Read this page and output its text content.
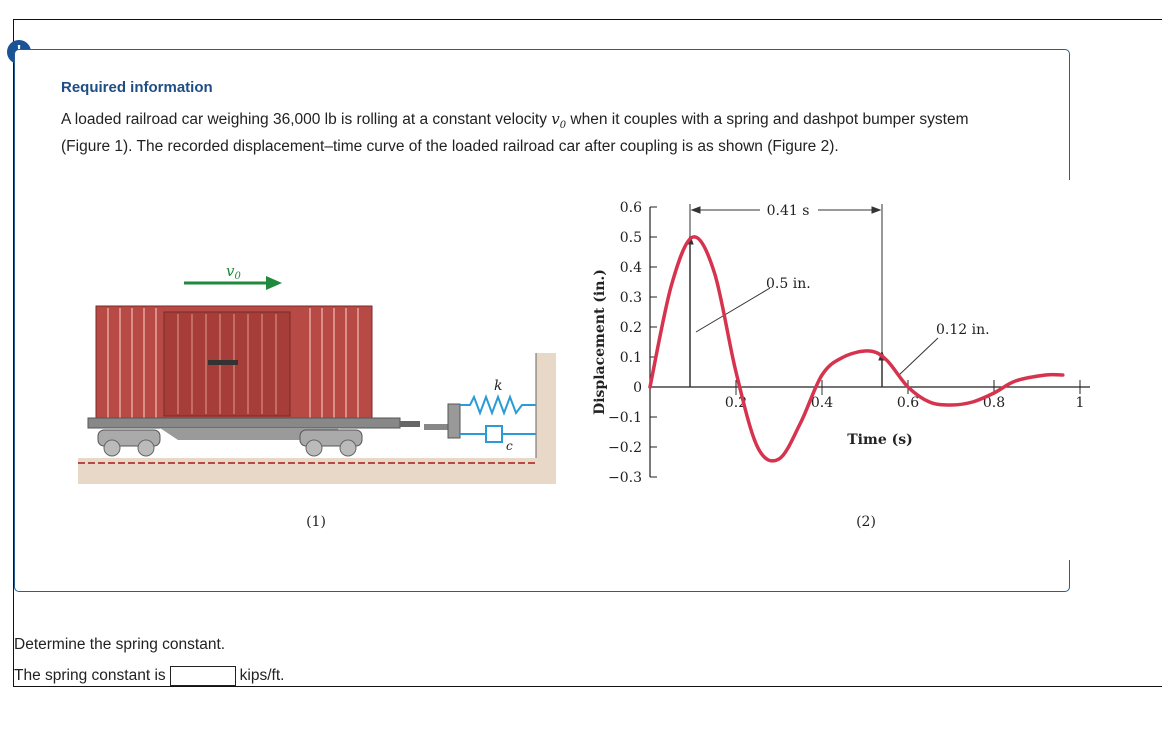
Required information
A loaded railroad car weighing 36,000 lb is rolling at a constant velocity $v_0$ when it couples with a spring and dashpot bumper system (Figure 1). The recorded displacement–time curve of the loaded railroad car after coupling is as shown (Figure 2).
$v_0$
k
c
(1)
0.6
0.5
0.4
0.3
0.2
0.1
0
−0.1
−0.2
−0.3
0.2	0.4	0.6	0.8	1
Displacement (in.)
Time (s)
0.41 s
0.5 in.
0.12 in.
(2)
Determine the spring constant.
The spring constant is	kips/ft.
